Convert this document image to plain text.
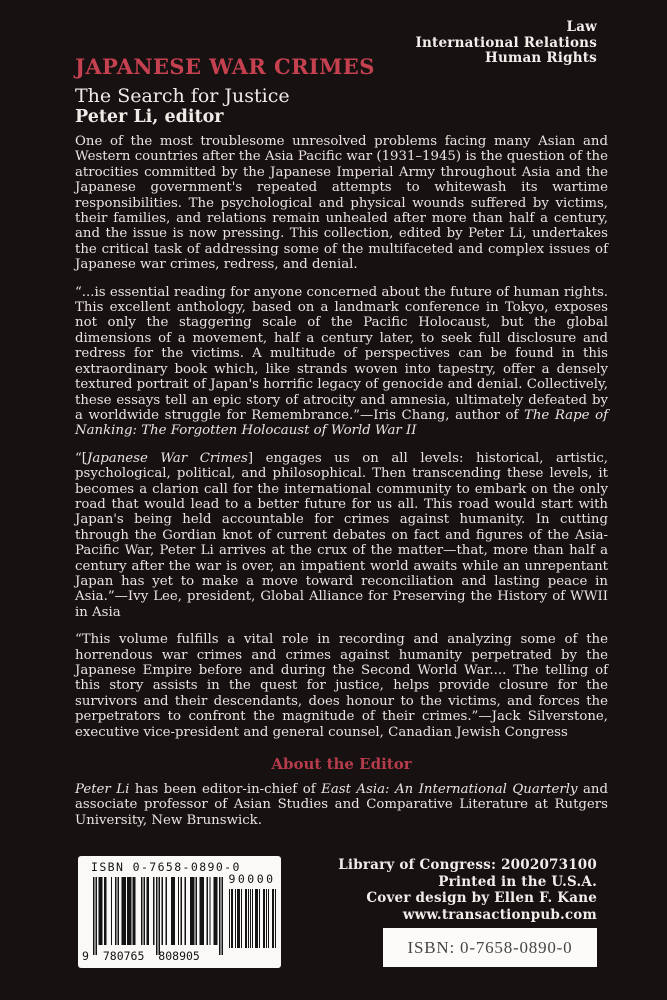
Law
International Relations
Human Rights
JAPANESE WAR CRIMES
The Search for Justice
Peter Li, editor

One of the most troublesome unresolved problems facing many Asian and Western countries after the Asia Pacific war (1931–1945) is the question of the atrocities committed by the Japanese Imperial Army throughout Asia and the Japanese government's repeated attempts to whitewash its wartime responsibilities. The psychological and physical wounds suffered by victims, their families, and relations remain unhealed after more than half a century, and the issue is now pressing. This collection, edited by Peter Li, undertakes the critical task of addressing some of the multifaceted and complex issues of Japanese war crimes, redress, and denial.

“...is essential reading for anyone concerned about the future of human rights. This excellent anthology, based on a landmark conference in Tokyo, exposes not only the staggering scale of the Pacific Holocaust, but the global dimensions of a movement, half a century later, to seek full disclosure and redress for the victims. A multitude of perspectives can be found in this extraordinary book which, like strands woven into tapestry, offer a densely textured portrait of Japan's horrific legacy of genocide and denial. Collectively, these essays tell an epic story of atrocity and amnesia, ultimately defeated by a worldwide struggle for Remembrance.”—Iris Chang, author of The Rape of Nanking: The Forgotten Holocaust of World War II

“[Japanese War Crimes] engages us on all levels: historical, artistic, psychological, political, and philosophical. Then transcending these levels, it becomes a clarion call for the international community to embark on the only road that would lead to a better future for us all. This road would start with Japan's being held accountable for crimes against humanity. In cutting through the Gordian knot of current debates on fact and figures of the Asia-Pacific War, Peter Li arrives at the crux of the matter—that, more than half a century after the war is over, an impatient world awaits while an unrepentant Japan has yet to make a move toward reconciliation and lasting peace in Asia.”—Ivy Lee, president, Global Alliance for Preserving the History of WWII in Asia

“This volume fulfills a vital role in recording and analyzing some of the horrendous war crimes and crimes against humanity perpetrated by the Japanese Empire before and during the Second World War.... The telling of this story assists in the quest for justice, helps provide closure for the survivors and their descendants, does honour to the victims, and forces the perpetrators to confront the magnitude of their crimes.”—Jack Silverstone, executive vice-president and general counsel, Canadian Jewish Congress

About the Editor

Peter Li has been editor-in-chief of East Asia: An International Quarterly and associate professor of Asian Studies and Comparative Literature at Rutgers University, New Brunswick.

ISBN 0-7658-0890-0
9 780765 808905
90000
Library of Congress: 2002073100
Printed in the U.S.A.
Cover design by Ellen F. Kane
www.transactionpub.com
ISBN: 0-7658-0890-0
